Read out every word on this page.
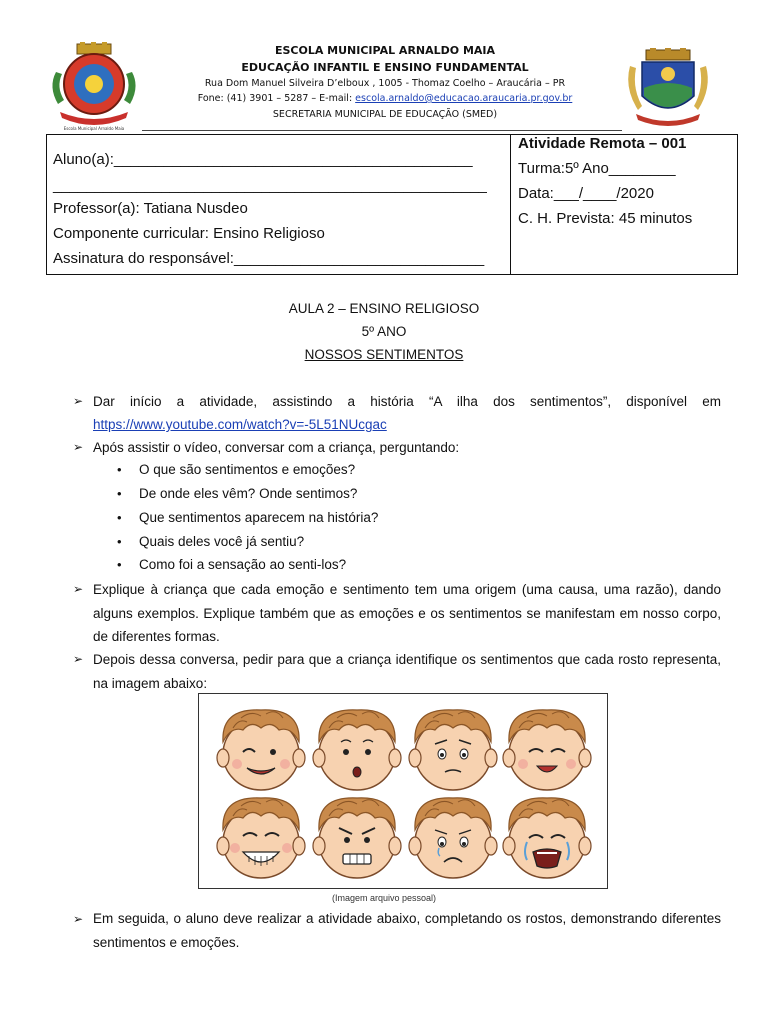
Escola Municipal Arnaldo Maia
ESCOLA MUNICIPAL ARNALDO MAIA
EDUCAÇÃO INFANTIL E ENSINO FUNDAMENTAL
Rua Dom Manuel Silveira D’elboux , 1005 - Thomaz Coelho – Araucária – PR
Fone: (41) 3901 – 5287 – E-mail: escola.arnaldo@educacao.araucaria.pr.gov.br
SECRETARIA MUNICIPAL DE EDUCAÇÃO (SMED)
Aluno(a):___________________________________________
____________________________________________________
Professor(a): Tatiana Nusdeo
Componente curricular: Ensino Religioso
Assinatura do responsável:______________________________
Atividade Remota – 001
Turma:5º Ano________
Data:___/____/2020
C. H. Prevista: 45 minutos
AULA 2 – ENSINO RELIGIOSO
5º ANO
NOSSOS SENTIMENTOS
➢ Dar início a atividade, assistindo a história “A ilha dos sentimentos”, disponível em
https://www.youtube.com/watch?v=-5L51NUcgac
➢ Após assistir o vídeo, conversar com a criança, perguntando:
• O que são sentimentos e emoções?
• De onde eles vêm? Onde sentimos?
• Que sentimentos aparecem na história?
• Quais deles você já sentiu?
• Como foi a sensação ao senti-los?
➢ Explique à criança que cada emoção e sentimento tem uma origem (uma causa, uma razão), dando alguns exemplos. Explique também que as emoções e os sentimentos se manifestam em nosso corpo, de diferentes formas.
➢ Depois dessa conversa, pedir para que a criança identifique os sentimentos que cada rosto representa, na imagem abaixo:
(Imagem arquivo pessoal)
➢ Em seguida, o aluno deve realizar a atividade abaixo, completando os rostos, demonstrando diferentes sentimentos e emoções.
